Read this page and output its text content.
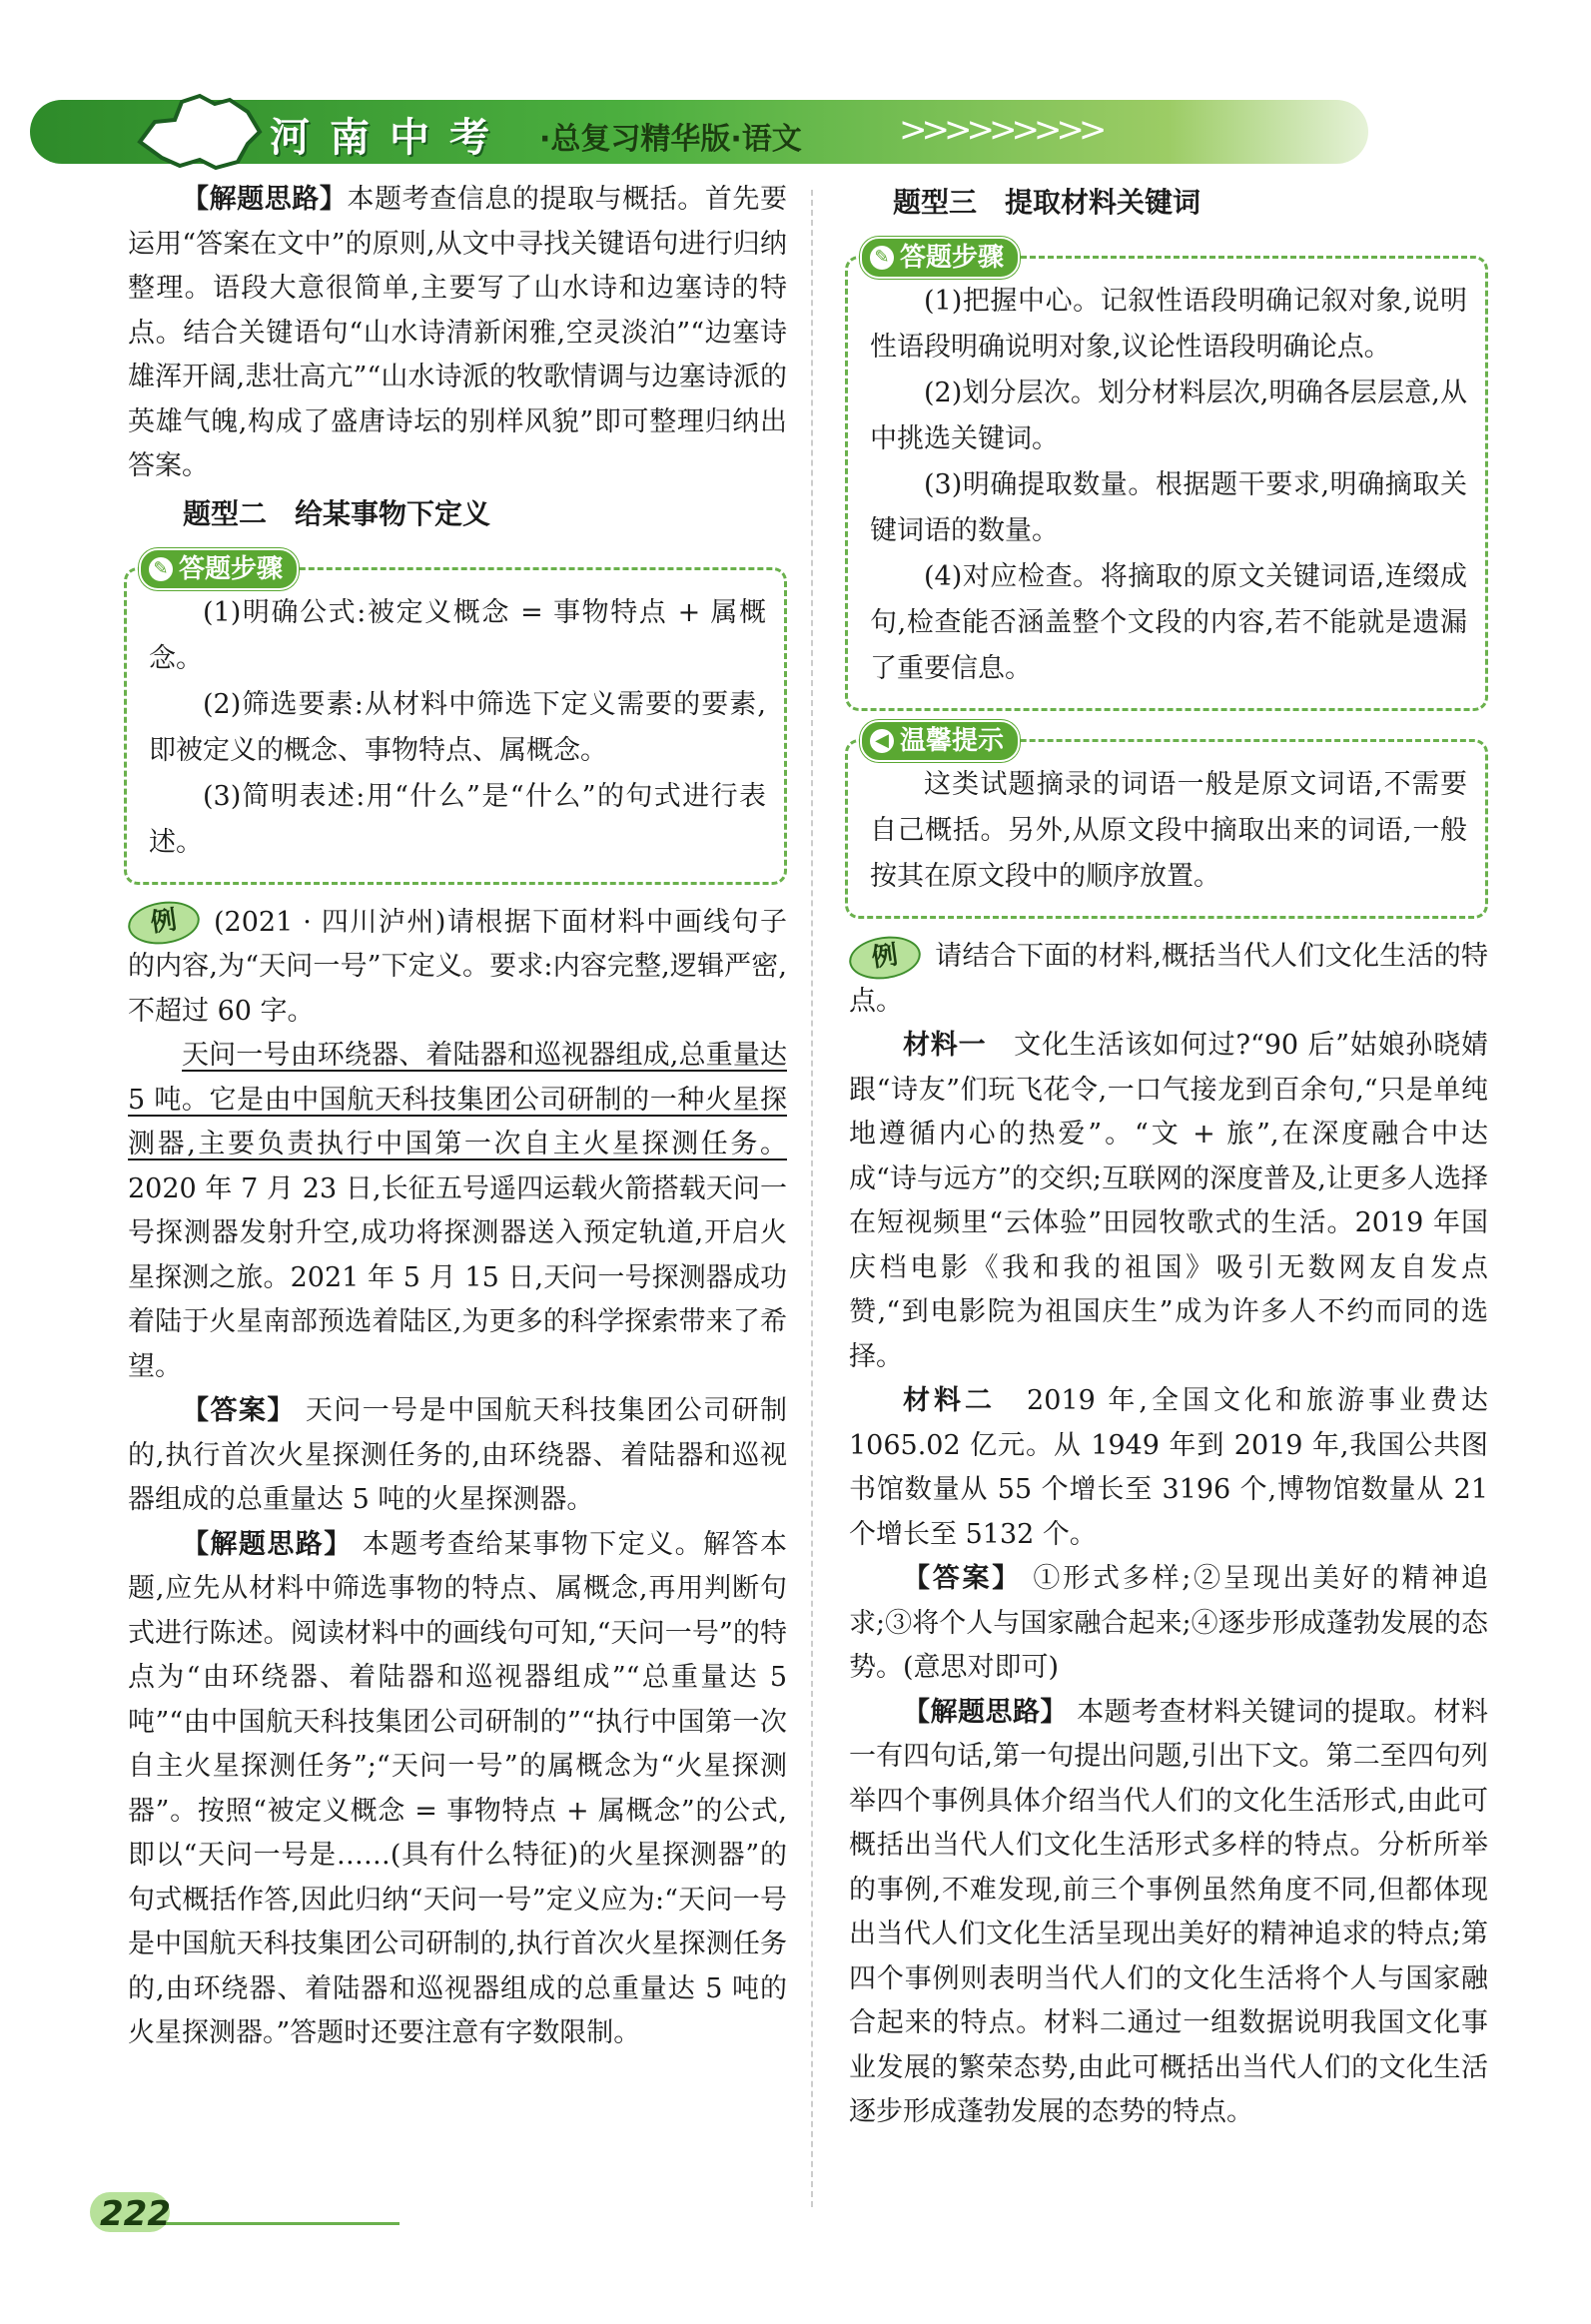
河南中考 ·总复习精华版·语文	>>>>>>>>>

【解题思路】本题考查信息的提取与概括。首先要运用“答案在文中”的原则,从文中寻找关键语句进行归纳整理。语段大意很简单,主要写了山水诗和边塞诗的特点。结合关键语句“山水诗清新闲雅,空灵淡泊”“边塞诗雄浑开阔,悲壮高亢”“山水诗派的牧歌情调与边塞诗派的英雄气魄,构成了盛唐诗坛的别样风貌”即可整理归纳出答案。

题型二　给某事物下定义
✎ 答题步骤

(1)明确公式:被定义概念 = 事物特点 + 属概念。

(2)筛选要素:从材料中筛选下定义需要的要素,即被定义的概念、事物特点、属概念。

(3)简明表述:用“什么”是“什么”的句式进行表述。

例 (2021 · 四川泸州)请根据下面材料中画线句子的内容,为“天问一号”下定义。要求:内容完整,逻辑严密,不超过 60 字。

天问一号由环绕器、着陆器和巡视器组成,总重量达 5 吨。它是由中国航天科技集团公司研制的一种火星探测器,主要负责执行中国第一次自主火星探测任务。2020 年 7 月 23 日,长征五号遥四运载火箭搭载天问一号探测器发射升空,成功将探测器送入预定轨道,开启火星探测之旅。2021 年 5 月 15 日,天问一号探测器成功着陆于火星南部预选着陆区,为更多的科学探索带来了希望。

【答案】 天问一号是中国航天科技集团公司研制的,执行首次火星探测任务的,由环绕器、着陆器和巡视器组成的总重量达 5 吨的火星探测器。

【解题思路】 本题考查给某事物下定义。解答本题,应先从材料中筛选事物的特点、属概念,再用判断句式进行陈述。阅读材料中的画线句可知,“天问一号”的特点为“由环绕器、着陆器和巡视器组成”“总重量达 5 吨”“由中国航天科技集团公司研制的”“执行中国第一次自主火星探测任务”;“天问一号”的属概念为“火星探测器”。按照“被定义概念 = 事物特点 + 属概念”的公式,即以“天问一号是……(具有什么特征)的火星探测器”的句式概括作答,因此归纳“天问一号”定义应为:“天问一号是中国航天科技集团公司研制的,执行首次火星探测任务的,由环绕器、着陆器和巡视器组成的总重量达 5 吨的火星探测器。”答题时还要注意有字数限制。

题型三　提取材料关键词
✎ 答题步骤

(1)把握中心。记叙性语段明确记叙对象,说明性语段明确说明对象,议论性语段明确论点。

(2)划分层次。划分材料层次,明确各层层意,从中挑选关键词。

(3)明确提取数量。根据题干要求,明确摘取关键词语的数量。

(4)对应检查。将摘取的原文关键词语,连缀成句,检查能否涵盖整个文段的内容,若不能就是遗漏了重要信息。

◀ 温馨提示

这类试题摘录的词语一般是原文词语,不需要自己概括。另外,从原文段中摘取出来的词语,一般按其在原文段中的顺序放置。

例 请结合下面的材料,概括当代人们文化生活的特点。

材料一　 文化生活该如何过?“90 后”姑娘孙晓婧跟“诗友”们玩飞花令,一口气接龙到百余句,“只是单纯地遵循内心的热爱”。“文 + 旅”,在深度融合中达成“诗与远方”的交织;互联网的深度普及,让更多人选择在短视频里“云体验”田园牧歌式的生活。2019 年国庆档电影《我和我的祖国》吸引无数网友自发点赞,“到电影院为祖国庆生”成为许多人不约而同的选择。

材料二　 2019 年,全国文化和旅游事业费达 1065.02 亿元。从 1949 年到 2019 年,我国公共图书馆数量从 55 个增长至 3196 个,博物馆数量从 21 个增长至 5132 个。

【答案】 ①形式多样;②呈现出美好的精神追求;③将个人与国家融合起来;④逐步形成蓬勃发展的态势。(意思对即可)

【解题思路】 本题考查材料关键词的提取。材料一有四句话,第一句提出问题,引出下文。第二至四句列举四个事例具体介绍当代人们的文化生活形式,由此可概括出当代人们文化生活形式多样的特点。分析所举的事例,不难发现,前三个事例虽然角度不同,但都体现出当代人们文化生活呈现出美好的精神追求的特点;第四个事例则表明当代人们的文化生活将个人与国家融合起来的特点。材料二通过一组数据说明我国文化事业发展的繁荣态势,由此可概括出当代人们的文化生活逐步形成蓬勃发展的态势的特点。

222
